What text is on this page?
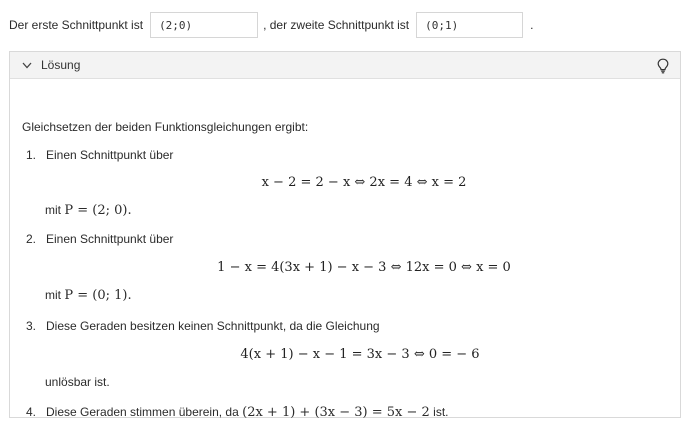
Der erste Schnittpunkt ist
(2;0)	, der zweite Schnittpunkt ist
(0;1)	.
Lösung
Gleichsetzen der beiden Funktionsgleichungen ergibt:
1. Einen Schnittpunkt über
x − 2 = 2 − x ⇔ 2x = 4 ⇔ x = 2
mit P = (2; 0).
2. Einen Schnittpunkt über
1 − x = 4(3x + 1) − x − 3 ⇔ 12x = 0 ⇔ x = 0
mit P = (0; 1).
3. Diese Geraden besitzen keinen Schnittpunkt, da die Gleichung
4(x + 1) − x − 1 = 3x − 3 ⇔ 0 = − 6
unlösbar ist.
4. Diese Geraden stimmen überein, da (2x + 1) + (3x − 3) = 5x − 2 ist.
